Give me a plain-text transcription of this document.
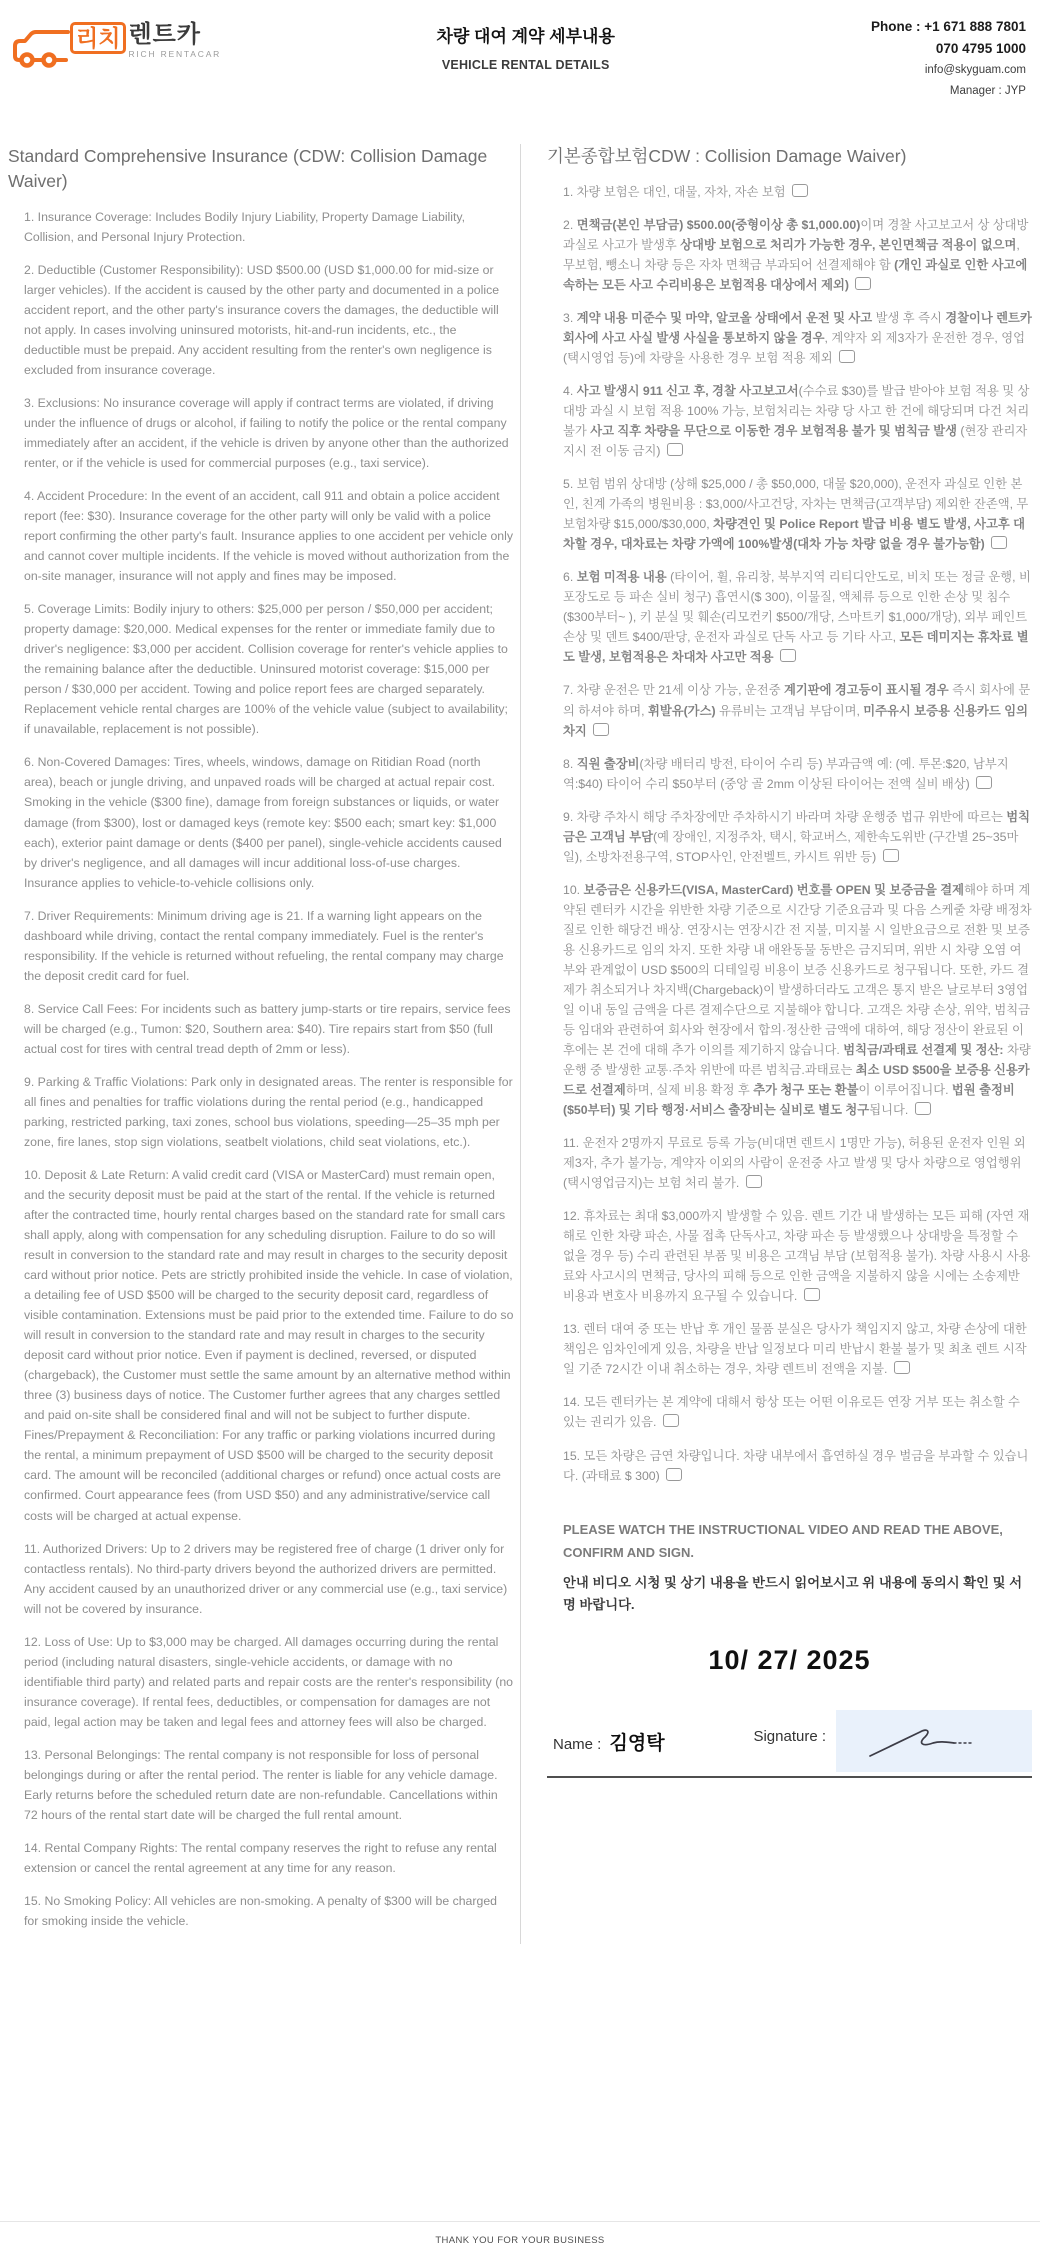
리치 렌트카
RICH RENTACAR
차량 대여 계약 세부내용
VEHICLE RENTAL DETAILS
Phone : +1 671 888 7801
070 4795 1000
info@skyguam.com
Manager : JYP
Standard Comprehensive Insurance (CDW: Collision Damage Waiver)

1. Insurance Coverage: Includes Bodily Injury Liability, Property Damage Liability, Collision, and Personal Injury Protection.

2. Deductible (Customer Responsibility): USD $500.00 (USD $1,000.00 for mid-size or larger vehicles). If the accident is caused by the other party and documented in a police accident report, and the other party's insurance covers the damages, the deductible will not apply. In cases involving uninsured motorists, hit-and-run incidents, etc., the deductible must be prepaid. Any accident resulting from the renter's own negligence is excluded from insurance coverage.

3. Exclusions: No insurance coverage will apply if contract terms are violated, if driving under the influence of drugs or alcohol, if failing to notify the police or the rental company immediately after an accident, if the vehicle is driven by anyone other than the authorized renter, or if the vehicle is used for commercial purposes (e.g., taxi service).

4. Accident Procedure: In the event of an accident, call 911 and obtain a police accident report (fee: $30). Insurance coverage for the other party will only be valid with a police report confirming the other party's fault. Insurance applies to one accident per vehicle only and cannot cover multiple incidents. If the vehicle is moved without authorization from the on-site manager, insurance will not apply and fines may be imposed.

5. Coverage Limits: Bodily injury to others: $25,000 per person / $50,000 per accident; property damage: $20,000. Medical expenses for the renter or immediate family due to driver's negligence: $3,000 per accident. Collision coverage for renter's vehicle applies to the remaining balance after the deductible. Uninsured motorist coverage: $15,000 per person / $30,000 per accident. Towing and police report fees are charged separately. Replacement vehicle rental charges are 100% of the vehicle value (subject to availability; if unavailable, replacement is not possible).

6. Non-Covered Damages: Tires, wheels, windows, damage on Ritidian Road (north area), beach or jungle driving, and unpaved roads will be charged at actual repair cost. Smoking in the vehicle ($300 fine), damage from foreign substances or liquids, or water damage (from $300), lost or damaged keys (remote key: $500 each; smart key: $1,000 each), exterior paint damage or dents ($400 per panel), single-vehicle accidents caused by driver's negligence, and all damages will incur additional loss-of-use charges. Insurance applies to vehicle-to-vehicle collisions only.

7. Driver Requirements: Minimum driving age is 21. If a warning light appears on the dashboard while driving, contact the rental company immediately. Fuel is the renter's responsibility. If the vehicle is returned without refueling, the rental company may charge the deposit credit card for fuel.

8. Service Call Fees: For incidents such as battery jump-starts or tire repairs, service fees will be charged (e.g., Tumon: $20, Southern area: $40). Tire repairs start from $50 (full actual cost for tires with central tread depth of 2mm or less).

9. Parking & Traffic Violations: Park only in designated areas. The renter is responsible for all fines and penalties for traffic violations during the rental period (e.g., handicapped parking, restricted parking, taxi zones, school bus violations, speeding—25–35 mph per zone, fire lanes, stop sign violations, seatbelt violations, child seat violations, etc.).

10. Deposit & Late Return: A valid credit card (VISA or MasterCard) must remain open, and the security deposit must be paid at the start of the rental. If the vehicle is returned after the contracted time, hourly rental charges based on the standard rate for small cars shall apply, along with compensation for any scheduling disruption. Failure to do so will result in conversion to the standard rate and may result in charges to the security deposit card without prior notice. Pets are strictly prohibited inside the vehicle. In case of violation, a detailing fee of USD $500 will be charged to the security deposit card, regardless of visible contamination. Extensions must be paid prior to the extended time. Failure to do so will result in conversion to the standard rate and may result in charges to the security deposit card without prior notice. Even if payment is declined, reversed, or disputed (chargeback), the Customer must settle the same amount by an alternative method within three (3) business days of notice. The Customer further agrees that any charges settled and paid on-site shall be considered final and will not be subject to further dispute. Fines/Prepayment & Reconciliation: For any traffic or parking violations incurred during the rental, a minimum prepayment of USD $500 will be charged to the security deposit card. The amount will be reconciled (additional charges or refund) once actual costs are confirmed. Court appearance fees (from USD $50) and any administrative/service call costs will be charged at actual expense.

11. Authorized Drivers: Up to 2 drivers may be registered free of charge (1 driver only for contactless rentals). No third-party drivers beyond the authorized drivers are permitted. Any accident caused by an unauthorized driver or any commercial use (e.g., taxi service) will not be covered by insurance.

12. Loss of Use: Up to $3,000 may be charged. All damages occurring during the rental period (including natural disasters, single-vehicle accidents, or damage with no identifiable third party) and related parts and repair costs are the renter's responsibility (no insurance coverage). If rental fees, deductibles, or compensation for damages are not paid, legal action may be taken and legal fees and attorney fees will also be charged.

13. Personal Belongings: The rental company is not responsible for loss of personal belongings during or after the rental period. The renter is liable for any vehicle damage. Early returns before the scheduled return date are non-refundable. Cancellations within 72 hours of the rental start date will be charged the full rental amount.

14. Rental Company Rights: The rental company reserves the right to refuse any rental extension or cancel the rental agreement at any time for any reason.

15. No Smoking Policy: All vehicles are non-smoking. A penalty of $300 will be charged for smoking inside the vehicle.

기본종합보험CDW : Collision Damage Waiver)

1. 차량 보험은 대인, 대물, 자차, 자손 보험

2. 면책금(본인 부담금) $500.00(중형이상 총 $1,000.00)이며 경찰 사고보고서 상 상대방 과실로 사고가 발생후 상대방 보험으로 처리가 가능한 경우, 본인면책금 적용이 없으며, 무보험, 뺑소니 차량 등은 자차 면책금 부과되어 선결제해야 함 (개인 과실로 인한 사고에 속하는 모든 사고 수리비용은 보험적용 대상에서 제외)

3. 계약 내용 미준수 및 마약, 알코올 상태에서 운전 및 사고 발생 후 즉시 경찰이나 렌트카 회사에 사고 사실 발생 사실을 통보하지 않을 경우, 계약자 외 제3자가 운전한 경우, 영업(택시영업 등)에 차량을 사용한 경우 보험 적용 제외

4. 사고 발생시 911 신고 후, 경찰 사고보고서(수수료 $30)를 발급 받아야 보험 적용 및 상대방 과실 시 보험 적용 100% 가능, 보험처리는 차량 당 사고 한 건에 해당되며 다건 처리 불가 사고 직후 차량을 무단으로 이동한 경우 보험적용 불가 및 범칙금 발생 (현장 관리자 지시 전 이동 금지)

5. 보험 범위 상대방 (상해 $25,000 / 총 $50,000, 대물 $20,000), 운전자 과실로 인한 본인, 친계 가족의 병원비용 : $3,000/사고건당, 자차는 면책금(고객부담) 제외한 잔존액, 무보험차량 $15,000/$30,000, 차량견인 및 Police Report 발급 비용 별도 발생, 사고후 대차할 경우, 대차료는 차량 가액에 100%발생(대차 가능 차량 없을 경우 불가능함)

6. 보험 미적용 내용 (타이어, 휠, 유리창, 북부지역 리티디안도로, 비치 또는 정글 운행, 비포장도로 등 파손 실비 청구) 흡연시($ 300), 이물질, 액체류 등으로 인한 손상 및 침수($300부터~ ), 키 분실 및 훼손(리모컨키 $500/개당, 스마트키 $1,000/개당), 외부 페인트 손상 및 덴트 $400/판당, 운전자 과실로 단독 사고 등 기타 사고, 모든 데미지는 휴차료 별도 발생, 보험적용은 차대차 사고만 적용

7. 차량 운전은 만 21세 이상 가능, 운전중 계기판에 경고등이 표시될 경우 즉시 회사에 문의 하셔야 하며, 휘발유(가스) 유류비는 고객님 부담이며, 미주유시 보증용 신용카드 임의 차지

8. 직원 출장비(차량 배터리 방전, 타이어 수리 등) 부과금액 예: (예. 투몬:$20, 남부지역:$40) 타이어 수리 $50부터 (중앙 골 2mm 이상된 타이어는 전액 실비 배상)

9. 차량 주차시 해당 주차장에만 주차하시기 바라며 차량 운행중 법규 위반에 따르는 범칙금은 고객님 부담(예 장애인, 지정주차, 택시, 학교버스, 제한속도위반 (구간별 25~35마일), 소방차전용구역, STOP사인, 안전벨트, 카시트 위반 등)

10. 보증금은 신용카드(VISA, MasterCard) 번호를 OPEN 및 보증금을 결제해야 하며 계약된 렌터카 시간을 위반한 차량 기준으로 시간당 기준요금과 및 다음 스케줄 차량 배정차질로 인한 해당건 배상. 연장시는 연장시간 전 지불, 미지불 시 일반요금으로 전환 및 보증용 신용카드로 임의 차지. 또한 차량 내 애완동물 동반은 금지되며, 위반 시 차량 오염 여부와 관계없이 USD $500의 디테일링 비용이 보증 신용카드로 청구됩니다. 또한, 카드 결제가 취소되거나 차지백(Chargeback)이 발생하더라도 고객은 통지 받은 날로부터 3영업일 이내 동일 금액을 다른 결제수단으로 지불해야 합니다. 고객은 차량 손상, 위약, 범칙금 등 임대와 관련하여 회사와 현장에서 합의·정산한 금액에 대하여, 해당 정산이 완료된 이후에는 본 건에 대해 추가 이의를 제기하지 않습니다. 범칙금/과태료 선결제 및 정산: 차량 운행 중 발생한 교통·주차 위반에 따른 범칙금.과태료는 최소 USD $500을 보증용 신용카드로 선결제하며, 실제 비용 확정 후 추가 청구 또는 환불이 이루어집니다. 법원 출정비($50부터) 및 기타 행정·서비스 출장비는 실비로 별도 청구됩니다.

11. 운전자 2명까지 무료로 등록 가능(비대면 렌트시 1명만 가능), 허용된 운전자 인원 외 제3자, 추가 불가능, 계약자 이외의 사람이 운전중 사고 발생 및 당사 차량으로 영업행위(택시영업금지)는 보험 처리 불가.

12. 휴차료는 최대 $3,000까지 발생할 수 있음. 렌트 기간 내 발생하는 모든 피해 (자연 재해로 인한 차량 파손, 사물 접촉 단독사고, 차량 파손 등 발생했으나 상대방을 특정할 수 없을 경우 등) 수리 관련된 부품 및 비용은 고객님 부담 (보험적용 불가). 차량 사용시 사용료와 사고시의 면책금, 당사의 피해 등으로 인한 금액을 지불하지 않을 시에는 소송제반 비용과 변호사 비용까지 요구될 수 있습니다.

13. 렌터 대여 중 또는 반납 후 개인 물품 분실은 당사가 책임지지 않고, 차량 손상에 대한 책임은 임차인에게 있음, 차량을 반납 일정보다 미리 반납시 환불 불가 및 최초 렌트 시작일 기준 72시간 이내 취소하는 경우, 차량 렌트비 전액을 지불.

14. 모든 렌터카는 본 계약에 대해서 항상 또는 어떤 이유로든 연장 거부 또는 취소할 수 있는 권리가 있음.

15. 모든 차량은 금연 차량입니다. 차량 내부에서 흡연하실 경우 벌금을 부과할 수 있습니다. (과태료 $ 300)

PLEASE WATCH THE INSTRUCTIONAL VIDEO AND READ THE ABOVE, CONFIRM AND SIGN.

안내 비디오 시청 및 상기 내용을 반드시 읽어보시고 위 내용에 동의시 확인 및 서명 바랍니다.

10/ 27/ 2025
Name : 김영탁	Signature :
THANK YOU FOR YOUR BUSINESS
